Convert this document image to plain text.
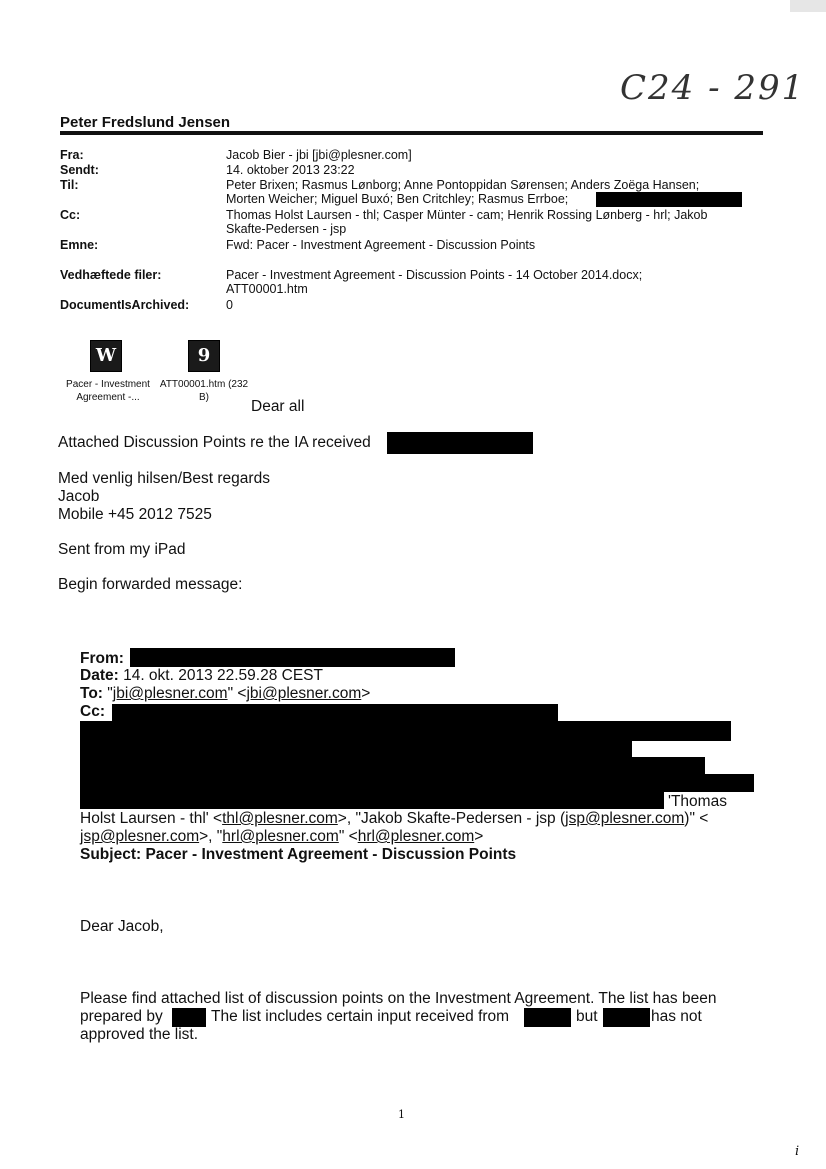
C24 - 291
Peter Fredslund Jensen
Fra:	Jacob Bier - jbi [jbi@plesner.com]
Sendt:	14. oktober 2013 23:22
Til:	Peter Brixen; Rasmus Lønborg; Anne Pontoppidan Sørensen; Anders Zoëga Hansen;
Morten Weicher; Miguel Buxó; Ben Critchley; Rasmus Errboe;
Cc:	Thomas Holst Laursen - thl; Casper Münter - cam; Henrik Rossing Lønberg - hrl; Jakob
Skafte-Pedersen - jsp
Emne:	Fwd: Pacer - Investment Agreement - Discussion Points
Vedhæftede filer:	Pacer - Investment Agreement - Discussion Points - 14 October 2014.docx;
ATT00001.htm
DocumentIsArchived:	0
W	9
Pacer - Investment
Agreement -...
ATT00001.htm (232
B)
Dear all
Attached Discussion Points re the IA received
Med venlig hilsen/Best regards
Jacob
Mobile +45 2012 7525
Sent from my iPad
Begin forwarded message:
From:
Date: 14. okt. 2013 22.59.28 CEST
To: "jbi@plesner.com" <jbi@plesner.com>
Cc:
'Thomas
Holst Laursen - thl' <thl@plesner.com>, "Jakob Skafte-Pedersen - jsp (jsp@plesner.com)" <
jsp@plesner.com>, "hrl@plesner.com" <hrl@plesner.com>
Subject: Pacer - Investment Agreement - Discussion Points
Dear Jacob,
Please find attached list of discussion points on the Investment Agreement. The list has been
prepared by	The list includes certain input received from	but	has not
approved the list.
1
i
